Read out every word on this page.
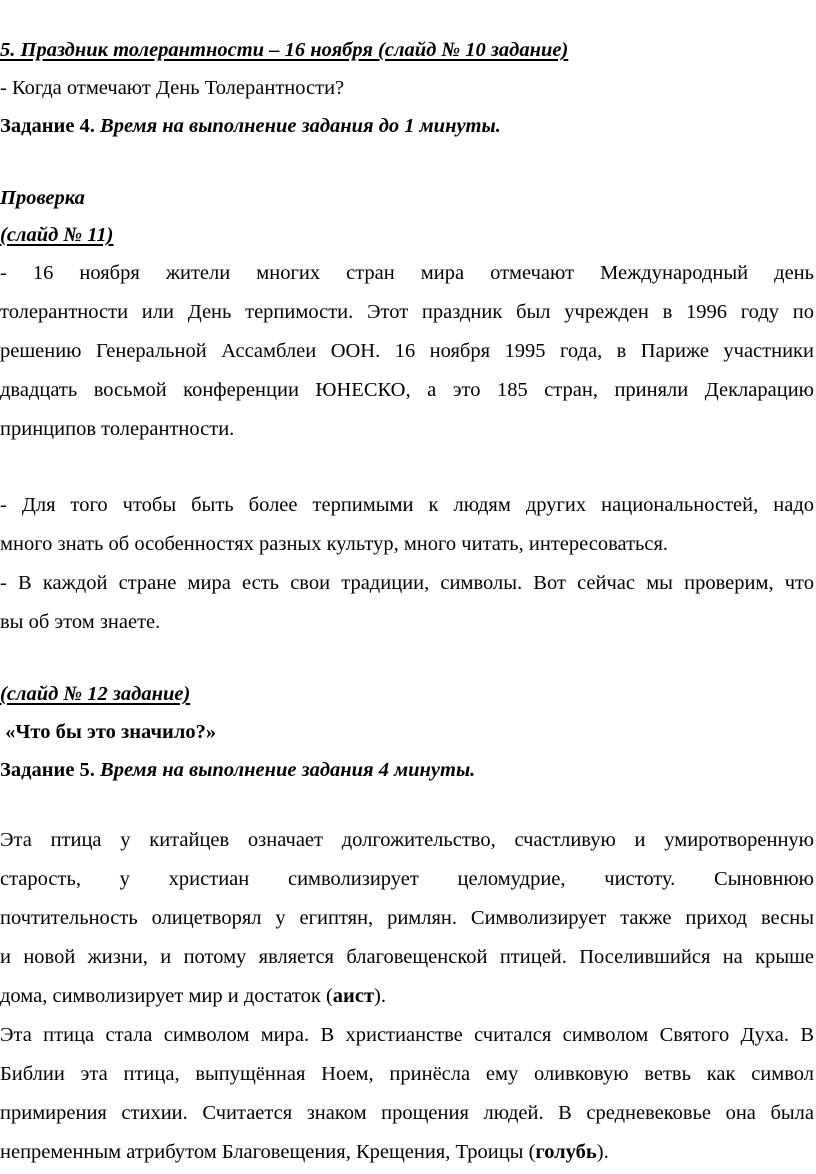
5. Праздник толерантности – 16 ноября (слайд № 10 задание)
- Когда отмечают День Толерантности?
Задание 4. Время на выполнение задания до 1 минуты.
Проверка
(слайд № 11)
- 16 ноября жители многих стран мира отмечают Международный день
толерантности или День терпимости. Этот праздник был учрежден в 1996 году по
решению Генеральной Ассамблеи ООН. 16 ноября 1995 года, в Париже участники
двадцать восьмой конференции ЮНЕСКО, а это 185 стран, приняли Декларацию
принципов толерантности.
- Для того чтобы быть более терпимыми к людям других национальностей, надо
много знать об особенностях разных культур, много читать, интересоваться.
- В каждой стране мира есть свои традиции, символы. Вот сейчас мы проверим, что
вы об этом знаете.
(слайд № 12 задание)
«Что бы это значило?»
Задание 5. Время на выполнение задания 4 минуты.
Эта птица у китайцев означает долгожительство, счастливую и умиротворенную
старость, у христиан символизирует целомудрие, чистоту. Сыновнюю
почтительность олицетворял у египтян, римлян. Символизирует также приход весны
и новой жизни, и потому является благовещенской птицей. Поселившийся на крыше
дома, символизирует мир и достаток (аист).
Эта птица стала символом мира. В христианстве считался символом Святого Духа. В
Библии эта птица, выпущённая Ноем, принёсла ему оливковую ветвь как символ
примирения стихии. Считается знаком прощения людей. В средневековье она была
непременным атрибутом Благовещения, Крещения, Троицы (голубь).
